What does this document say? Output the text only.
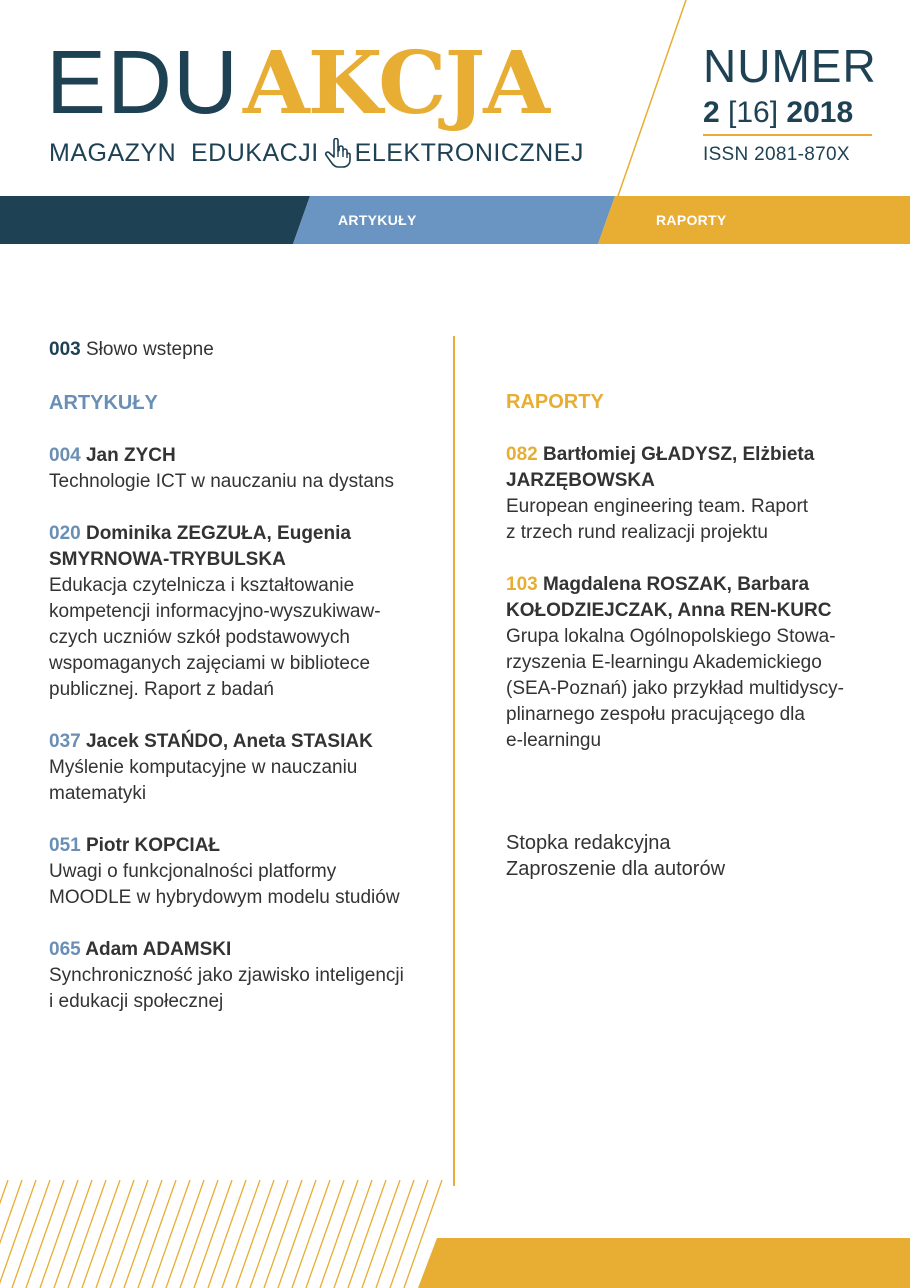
EDU AKCJA
MAGAZYN  EDUKACJI ELEKTRONICZNEJ
NUMER
2 [16] 2018
ISSN 2081-870X
ARTYKUŁY	RAPORTY
003 Słowo wstepne
ARTYKUŁY
004 Jan ZYCH
Technologie ICT w nauczaniu na dystans
020 Dominika ZEGZUŁA, Eugenia
SMYRNOWA-TRYBULSKA
Edukacja czytelnicza i kształtowanie
kompetencji informacyjno-wyszukiwaw-
czych uczniów szkół podstawowych
wspomaganych zajęciami w bibliotece
publicznej. Raport z badań
037 Jacek STAŃDO, Aneta STASIAK
Myślenie komputacyjne w nauczaniu
matematyki
051 Piotr KOPCIAŁ
Uwagi o funkcjonalności platformy
MOODLE w hybrydowym modelu studiów
065 Adam ADAMSKI
Synchroniczność jako zjawisko inteligencji
i edukacji społecznej
RAPORTY
082 Bartłomiej GŁADYSZ, Elżbieta
JARZĘBOWSKA
European engineering team. Raport
z trzech rund realizacji projektu
103 Magdalena ROSZAK, Barbara
KOŁODZIEJCZAK, Anna REN-KURC
Grupa lokalna Ogólnopolskiego Stowa-
rzyszenia E-learningu Akademickiego
(SEA-Poznań) jako przykład multidyscy-
plinarnego zespołu pracującego dla
e-learningu
Stopka redakcyjna
Zaproszenie dla autorów
